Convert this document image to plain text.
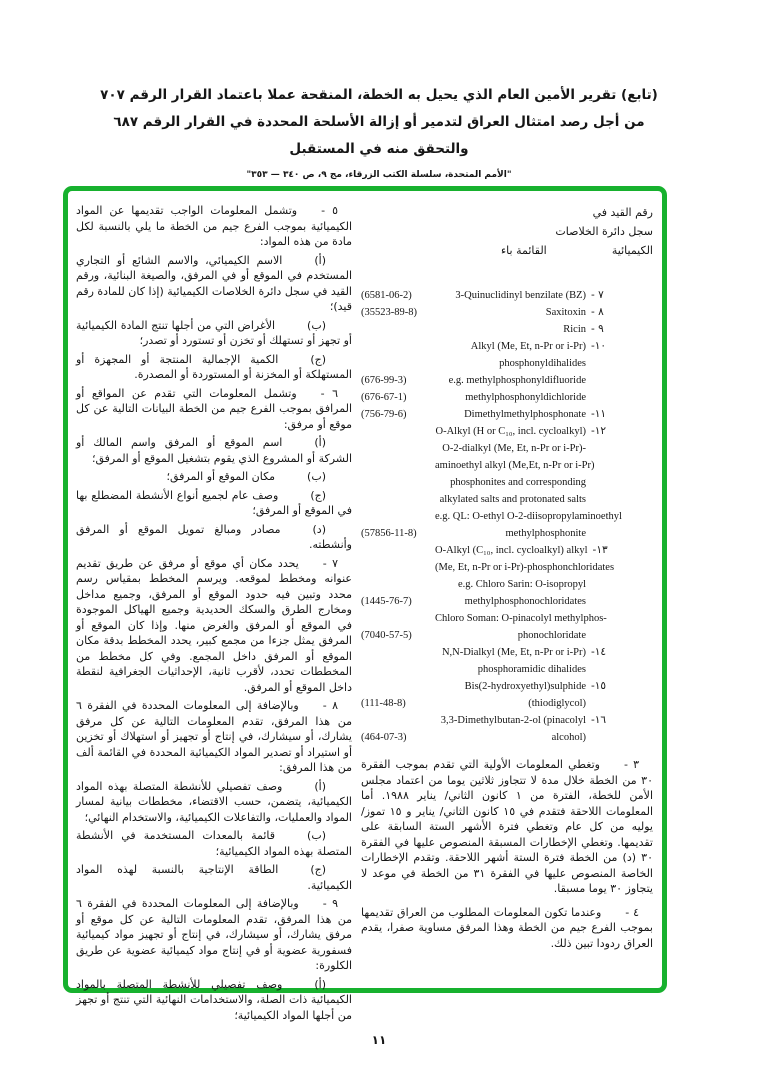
(تابع) تقرير الأمين العام الذي يحيل به الخطة، المنقحة عملا باعتماد القرار الرقم ٧٠٧
من أجل رصد امتثال العراق لتدمير أو إزالة الأسلحة المحددة في القرار الرقم ٦٨٧
والتحقق منه في المستقبل
"الأمم المتحدة، سلسلة الكتب الزرقاء، مج ٩، ص ٣٤٠ — ٣٥٣"
رقم القيد في
سجل دائرة الخلاصات
الكيميائية
القائمة باء
(6581-06-2)	3-Quinuclidinyl benzilate (BZ) - ٧
(35523-89-8)	Saxitoxin - ٨
Ricin - ٩
Alkyl (Me, Et, n-Pr or i-Pr) -١٠
phosphonyldihalides
(676-99-3)	e.g. methylphosphonyldifluoride
(676-67-1)	methylphosphonyldichloride
(756-79-6)	Dimethylmethylphosphonate -١١
O-Alkyl (H or C₁₀, incl. cycloalkyl) -١٢
O-2-dialkyl (Me, Et, n-Pr or i-Pr)-
aminoethyl alkyl (Me,Et, n-Pr or i-Pr)
phosphonites and corresponding
alkylated salts and protonated salts
e.g. QL: O-ethyl O-2-diisopropylaminoethyl
(57856-11-8)	methylphosphonite
O-Alkyl (C₁₀, incl. cycloalkyl) alkyl -١٣
(Me, Et, n-Pr or i-Pr)-phosphonchloridates
e.g. Chloro Sarin: O-isopropyl
(1445-76-7)	methylphosphonochloridates
Chloro Soman: O-pinacolyl methylphos-
(7040-57-5)	phonochloridate
N,N-Dialkyl (Me, Et, n-Pr or i-Pr) -١٤
phosphoramidic dihalides
Bis(2-hydroxyethyl)sulphide -١٥
(111-48-8)	(thiodiglycol)
3,3-Dimethylbutan-2-ol (pinacolyl -١٦
(464-07-3)	alcohol)

٣ -وتغطي المعلومات الأولية التي تقدم بموجب الفقرة ٣٠ من الخطة خلال مدة لا تتجاوز ثلاثين يوما من اعتماد مجلس الأمن للخطة، الفترة من ١ كانون الثاني/ يناير ١٩٨٨. أما المعلومات اللاحقة فتقدم في ١٥ كانون الثاني/ يناير و ١٥ تموز/ يوليه من كل عام وتغطي فترة الأشهر الستة السابقة على تقديمها. وتغطي الإخطارات المسبقة المنصوص عليها في الفقرة ٣٠ (د) من الخطة فترة الستة أشهر اللاحقة. وتقدم الإخطارات الخاصة المنصوص عليها في الفقرة ٣١ من الخطة في موعد لا يتجاوز ٣٠ يوما مسبقا.

٤ -وعندما تكون المعلومات المطلوب من العراق تقديمها بموجب الفرع جيم من الخطة وهذا المرفق مساوية صفرا، يقدم العراق ردودا تبين ذلك.

٥ -وتشمل المعلومات الواجب تقديمها عن المواد الكيميائية بموجب الفرع جيم من الخطة ما يلي بالنسبة لكل مادة من هذه المواد:

(أ)الاسم الكيميائي، والاسم الشائع أو التجاري المستخدم في الموقع أو في المرفق، والصيغة البنائية، ورقم القيد في سجل دائرة الخلاصات الكيميائية (إذا كان للمادة رقم قيد)؛

(ب)الأغراض التي من أجلها تنتج المادة الكيميائية أو تجهز أو تستهلك أو تخزن أو تستورد أو تصدر؛

(ج)الكمية الإجمالية المنتجة أو المجهزة أو المستهلكة أو المخزنة أو المستوردة أو المصدرة.

٦ -وتشمل المعلومات التي تقدم عن المواقع أو المرافق بموجب الفرع جيم من الخطة البيانات التالية عن كل موقع أو مرفق:

(أ)اسم الموقع أو المرفق واسم المالك أو الشركة أو المشروع الذي يقوم بتشغيل الموقع أو المرفق؛

(ب)مكان الموقع أو المرفق؛

(ج)وصف عام لجميع أنواع الأنشطة المضطلع بها في الموقع أو المرفق؛

(د)مصادر ومبالغ تمويل الموقع أو المرفق وأنشطته.

٧ -يحدد مكان أي موقع أو مرفق عن طريق تقديم عنوانه ومخطط لموقعه. ويرسم المخطط بمقياس رسم محدد وتبين فيه حدود الموقع أو المرفق، وجميع مداخل ومخارج الطرق والسكك الحديدية وجميع الهياكل الموجودة في الموقع أو المرفق والغرض منها. وإذا كان الموقع أو المرفق يمثل جزءا من مجمع كبير، يحدد المخطط بدقة مكان الموقع أو المرفق داخل المجمع. وفي كل مخطط من المخططات تحدد، لأقرب ثانية، الإحداثيات الجغرافية لنقطة داخل الموقع أو المرفق.

٨ -وبالإضافة إلى المعلومات المحددة في الفقرة ٦ من هذا المرفق، تقدم المعلومات التالية عن كل مرفق يشارك، أو سيشارك، في إنتاج أو تجهيز أو استهلاك أو تخزين أو استيراد أو تصدير المواد الكيميائية المحددة في القائمة ألف من هذا المرفق:

(أ)وصف تفصيلي للأنشطة المتصلة بهذه المواد الكيميائية، يتضمن، حسب الاقتضاء، مخططات بيانية لمسار المواد والعمليات، والتفاعلات الكيميائية، والاستخدام النهائي؛

(ب)قائمة بالمعدات المستخدمة في الأنشطة المتصلة بهذه المواد الكيميائية؛

(ج)الطاقة الإنتاجية بالنسبة لهذه المواد الكيميائية.

٩ -وبالإضافة إلى المعلومات المحددة في الفقرة ٦ من هذا المرفق، تقدم المعلومات التالية عن كل موقع أو مرفق يشارك، أو سيشارك، في إنتاج أو تجهيز مواد كيميائية فسفورية عضوية أو في إنتاج مواد كيميائية عضوية عن طريق الكلورة:

(أ)وصف تفصيلي للأنشطة المتصلة بالمواد الكيميائية ذات الصلة، والاستخدامات النهائية التي تنتج أو تجهز من أجلها المواد الكيميائية؛

١١
